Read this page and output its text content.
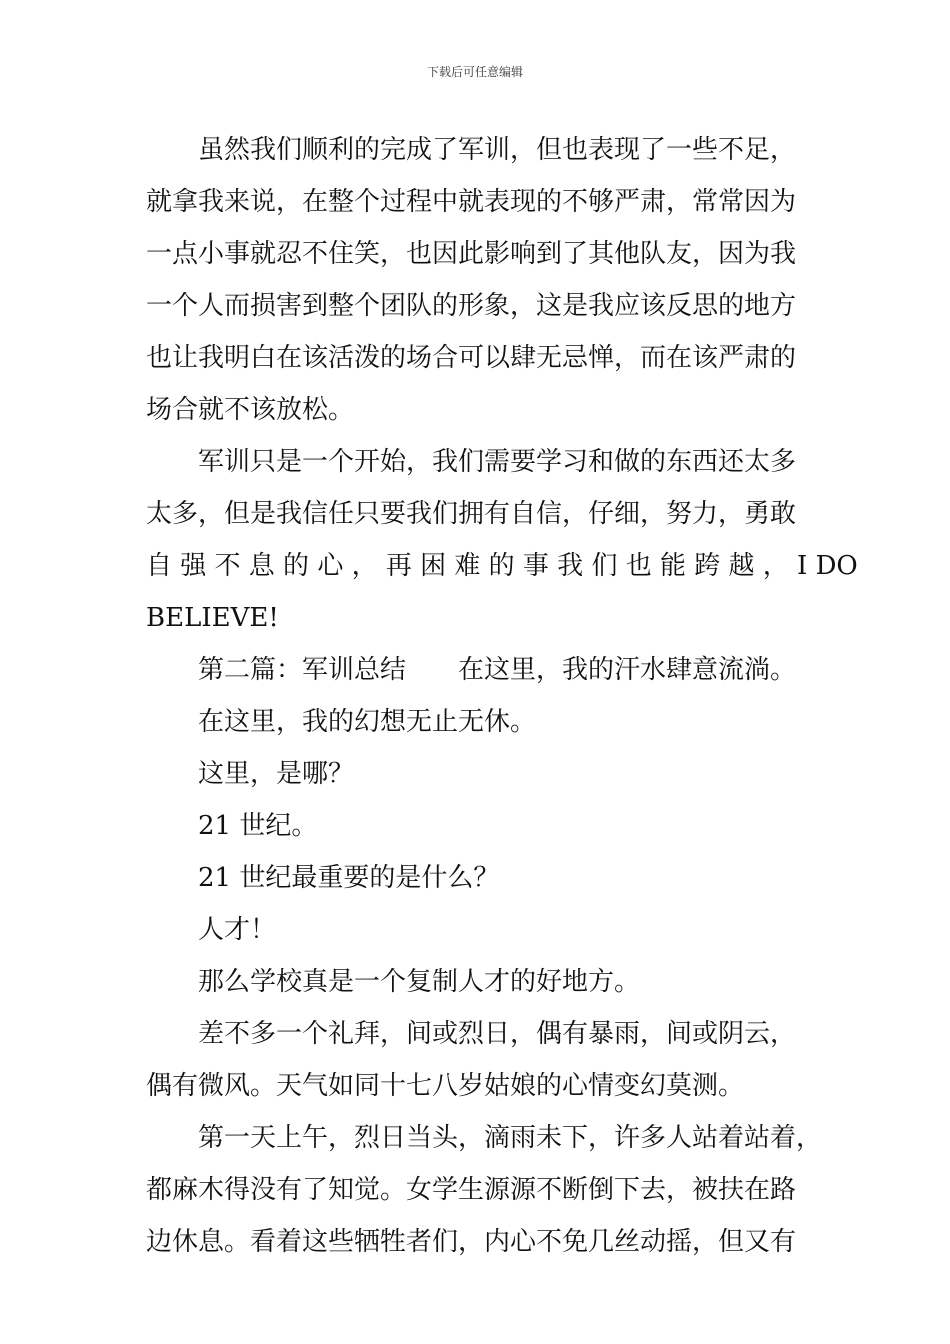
下载后可任意编辑
虽然我们顺利的完成了军训，但也表现了一些不足，
就拿我来说，在整个过程中就表现的不够严肃，常常因为
一点小事就忍不住笑，也因此影响到了其他队友，因为我
一个人而损害到整个团队的形象，这是我应该反思的地方
也让我明白在该活泼的场合可以肆无忌惮，而在该严肃的
场合就不该放松。
军训只是一个开始，我们需要学习和做的东西还太多
太多，但是我信任只要我们拥有自信，仔细，努力，勇敢
自 强 不 息 的 心 ， 再 困 难 的 事 我 们 也 能 跨 越 ， I DO
BELIEVE!
第二篇：军训总结 在这里，我的汗水肆意流淌。
在这里，我的幻想无止无休。
这里，是哪？
21 世纪。
21 世纪最重要的是什么？
人才！
那么学校真是一个复制人才的好地方。
差不多一个礼拜，间或烈日，偶有暴雨，间或阴云，
偶有微风。天气如同十七八岁姑娘的心情变幻莫测。
第一天上午，烈日当头，滴雨未下，许多人站着站着，
都麻木得没有了知觉。女学生源源不断倒下去，被扶在路
边休息。看着这些牺牲者们，内心不免几丝动摇，但又有
